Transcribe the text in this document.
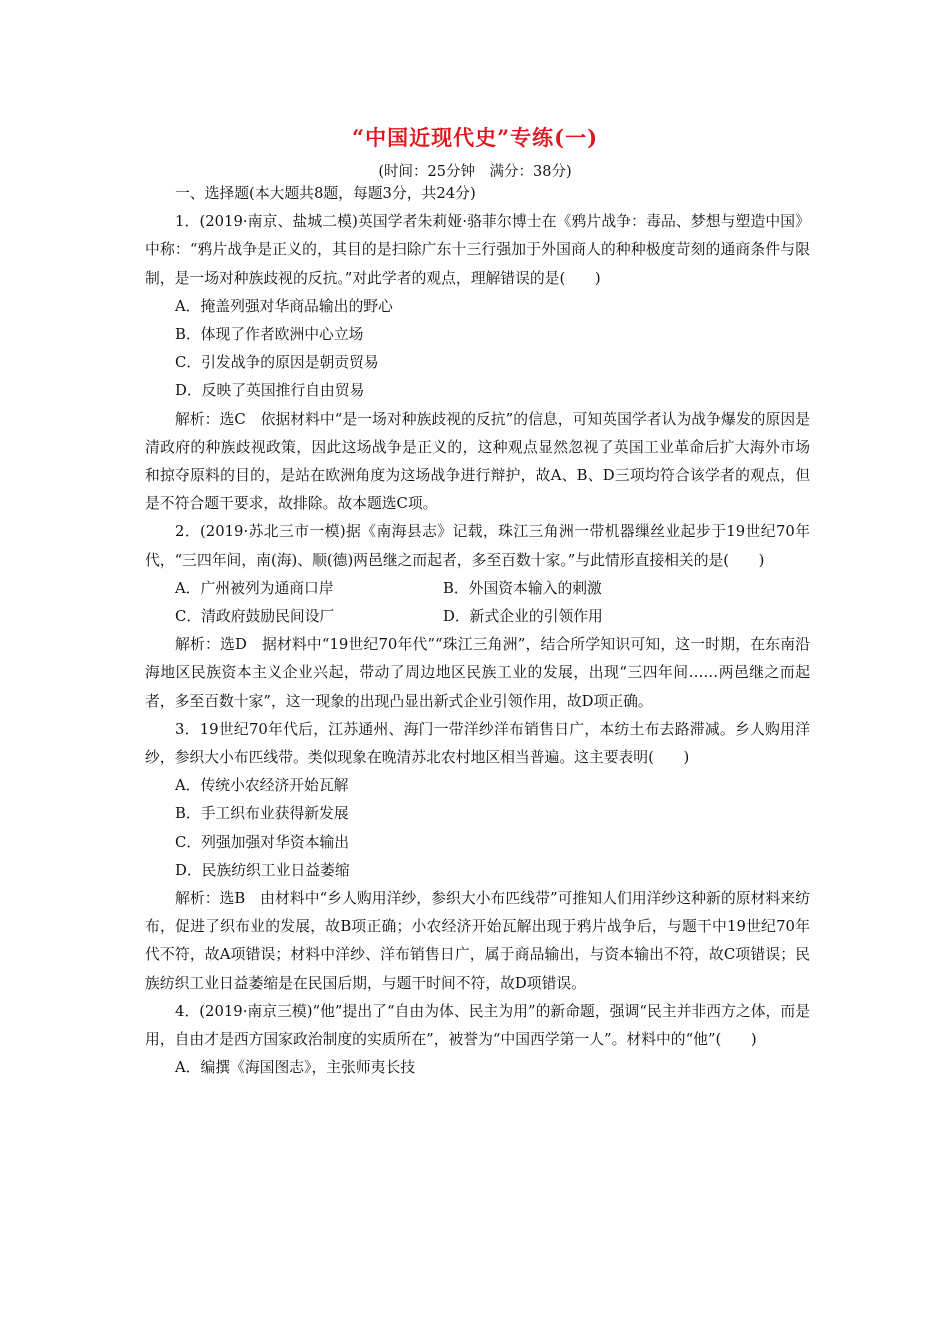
“中国近现代史”专练(一)
(时间：25分钟　满分：38分)

一、选择题(本大题共8题，每题3分，共24分)

1．(2019·南京、盐城二模)英国学者朱莉娅·骆菲尔博士在《鸦片战争：毒品、梦想与塑造中国》中称：“鸦片战争是正义的，其目的是扫除广东十三行强加于外国商人的种种极度苛刻的通商条件与限制，是一场对种族歧视的反抗。”对此学者的观点，理解错误的是(　　)

A．掩盖列强对华商品输出的野心

B．体现了作者欧洲中心立场

C．引发战争的原因是朝贡贸易

D．反映了英国推行自由贸易

解析：选C　依据材料中“是一场对种族歧视的反抗”的信息，可知英国学者认为战争爆发的原因是清政府的种族歧视政策，因此这场战争是正义的，这种观点显然忽视了英国工业革命后扩大海外市场和掠夺原料的目的，是站在欧洲角度为这场战争进行辩护，故A、B、D三项均符合该学者的观点，但是不符合题干要求，故排除。故本题选C项。

2．(2019·苏北三市一模)据《南海县志》记载，珠江三角洲一带机器缫丝业起步于19世纪70年代，“三四年间，南(海)、顺(德)两邑继之而起者，多至百数十家。”与此情形直接相关的是(　　)

A．广州被列为通商口岸	B．外国资本输入的刺激
C．清政府鼓励民间设厂	D．新式企业的引领作用

解析：选D　据材料中“19世纪70年代”“珠江三角洲”，结合所学知识可知，这一时期，在东南沿海地区民族资本主义企业兴起，带动了周边地区民族工业的发展，出现“三四年间……两邑继之而起者，多至百数十家”，这一现象的出现凸显出新式企业引领作用，故D项正确。

3．19世纪70年代后，江苏通州、海门一带洋纱洋布销售日广，本纺土布去路滞减。乡人购用洋纱，参织大小布匹线带。类似现象在晚清苏北农村地区相当普遍。这主要表明(　　)

A．传统小农经济开始瓦解

B．手工织布业获得新发展

C．列强加强对华资本输出

D．民族纺织工业日益萎缩

解析：选B　由材料中“乡人购用洋纱，参织大小布匹线带”可推知人们用洋纱这种新的原材料来纺布，促进了织布业的发展，故B项正确；小农经济开始瓦解出现于鸦片战争后，与题干中19世纪70年代不符，故A项错误；材料中洋纱、洋布销售日广，属于商品输出，与资本输出不符，故C项错误；民族纺织工业日益萎缩是在民国后期，与题干时间不符，故D项错误。

4．(2019·南京三模)“他”提出了“自由为体、民主为用”的新命题，强调“民主并非西方之体，而是用，自由才是西方国家政治制度的实质所在”，被誉为“中国西学第一人”。材料中的“他”(　　)

A．编撰《海国图志》，主张师夷长技
